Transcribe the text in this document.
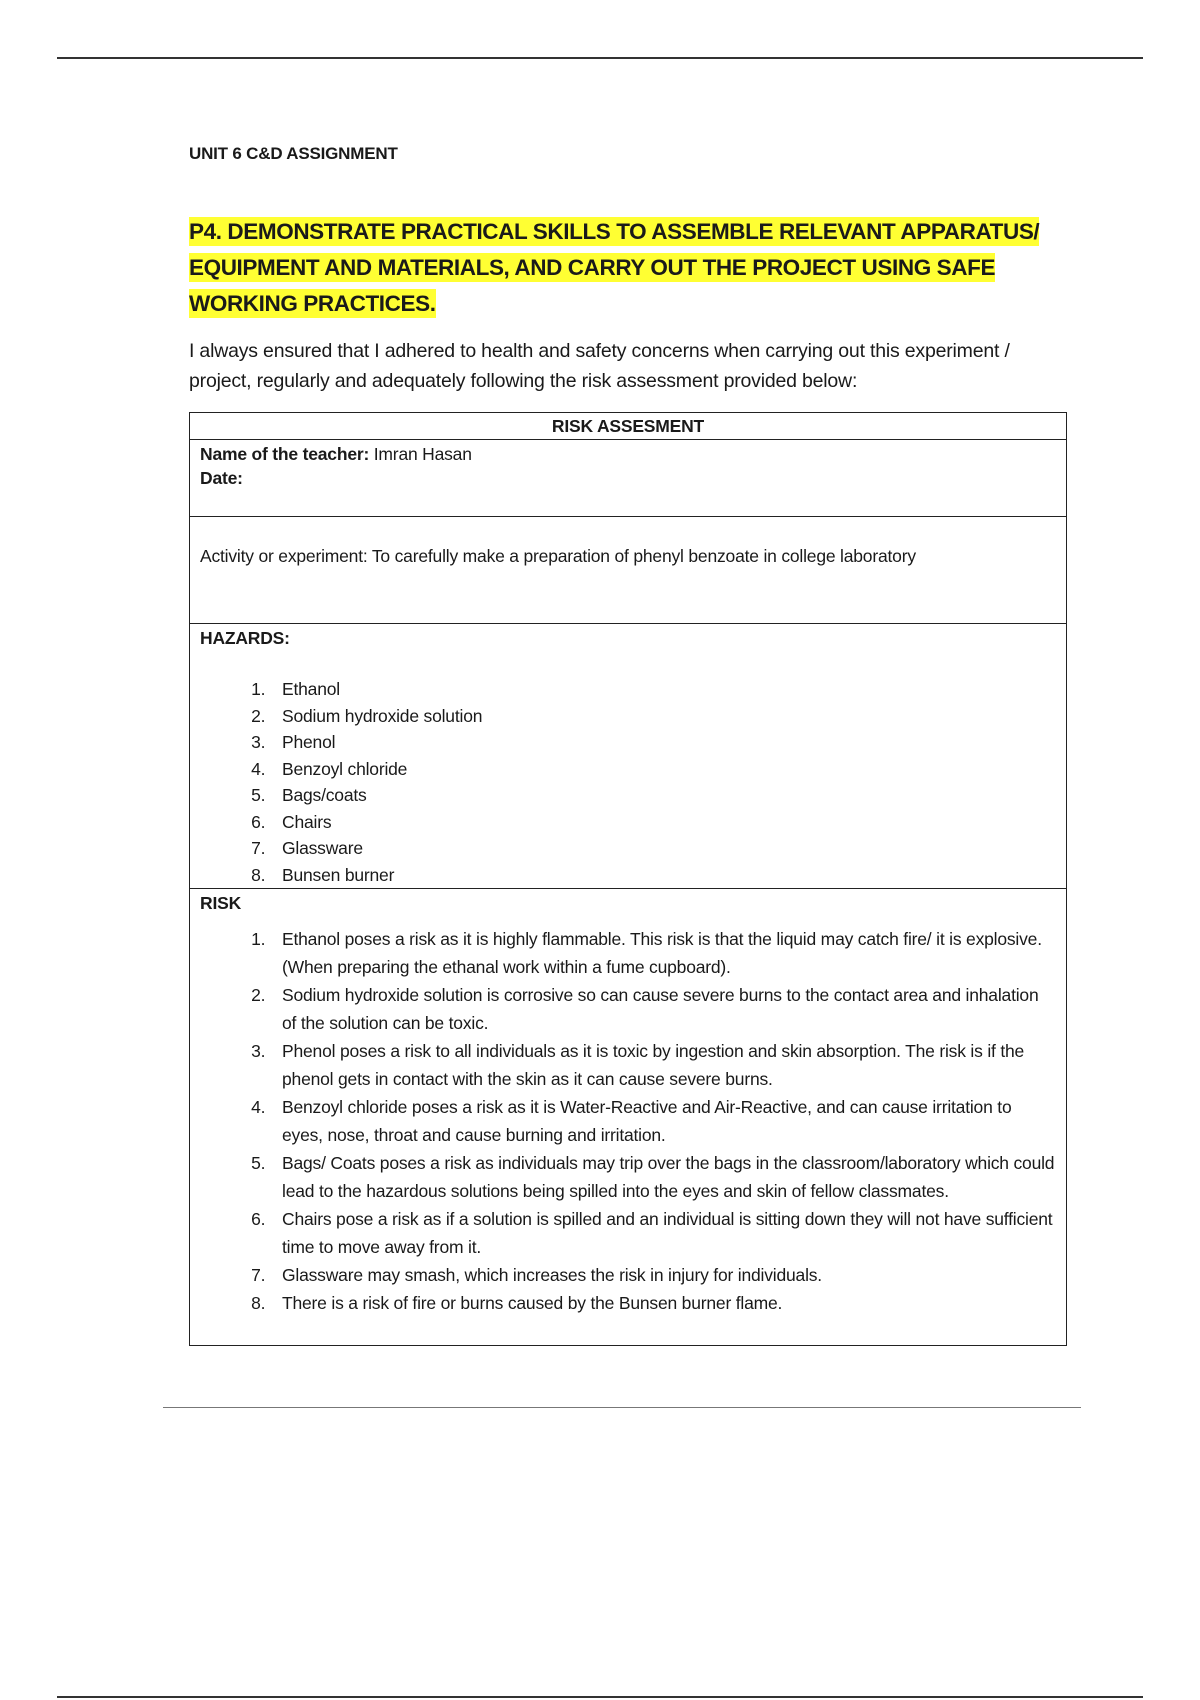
UNIT 6 C&D ASSIGNMENT

P4. DEMONSTRATE PRACTICAL SKILLS TO ASSEMBLE RELEVANT APPARATUS/ EQUIPMENT AND MATERIALS, AND CARRY OUT THE PROJECT USING SAFE WORKING PRACTICES.

I always ensured that I adhered to health and safety concerns when carrying out this experiment / project, regularly and adequately following the risk assessment provided below:

RISK ASSESMENT

Name of the teacher: Imran Hasan
Date:

Activity or experiment: To carefully make a preparation of phenyl benzoate in college laboratory

HAZARDS:

1. Ethanol
2. Sodium hydroxide solution
3. Phenol
4. Benzoyl chloride
5. Bags/coats
6. Chairs
7. Glassware
8. Bunsen burner

RISK

1. Ethanol poses a risk as it is highly flammable. This risk is that the liquid may catch fire/ it is explosive. (When preparing the ethanal work within a fume cupboard).
2. Sodium hydroxide solution is corrosive so can cause severe burns to the contact area and inhalation of the solution can be toxic.
3. Phenol poses a risk to all individuals as it is toxic by ingestion and skin absorption. The risk is if the phenol gets in contact with the skin as it can cause severe burns.
4. Benzoyl chloride poses a risk as it is Water-Reactive and Air-Reactive, and can cause irritation to eyes, nose, throat and cause burning and irritation.
5. Bags/ Coats poses a risk as individuals may trip over the bags in the classroom/laboratory which could lead to the hazardous solutions being spilled into the eyes and skin of fellow classmates.
6. Chairs pose a risk as if a solution is spilled and an individual is sitting down they will not have sufficient time to move away from it.
7. Glassware may smash, which increases the risk in injury for individuals.
8. There is a risk of fire or burns caused by the Bunsen burner flame.
